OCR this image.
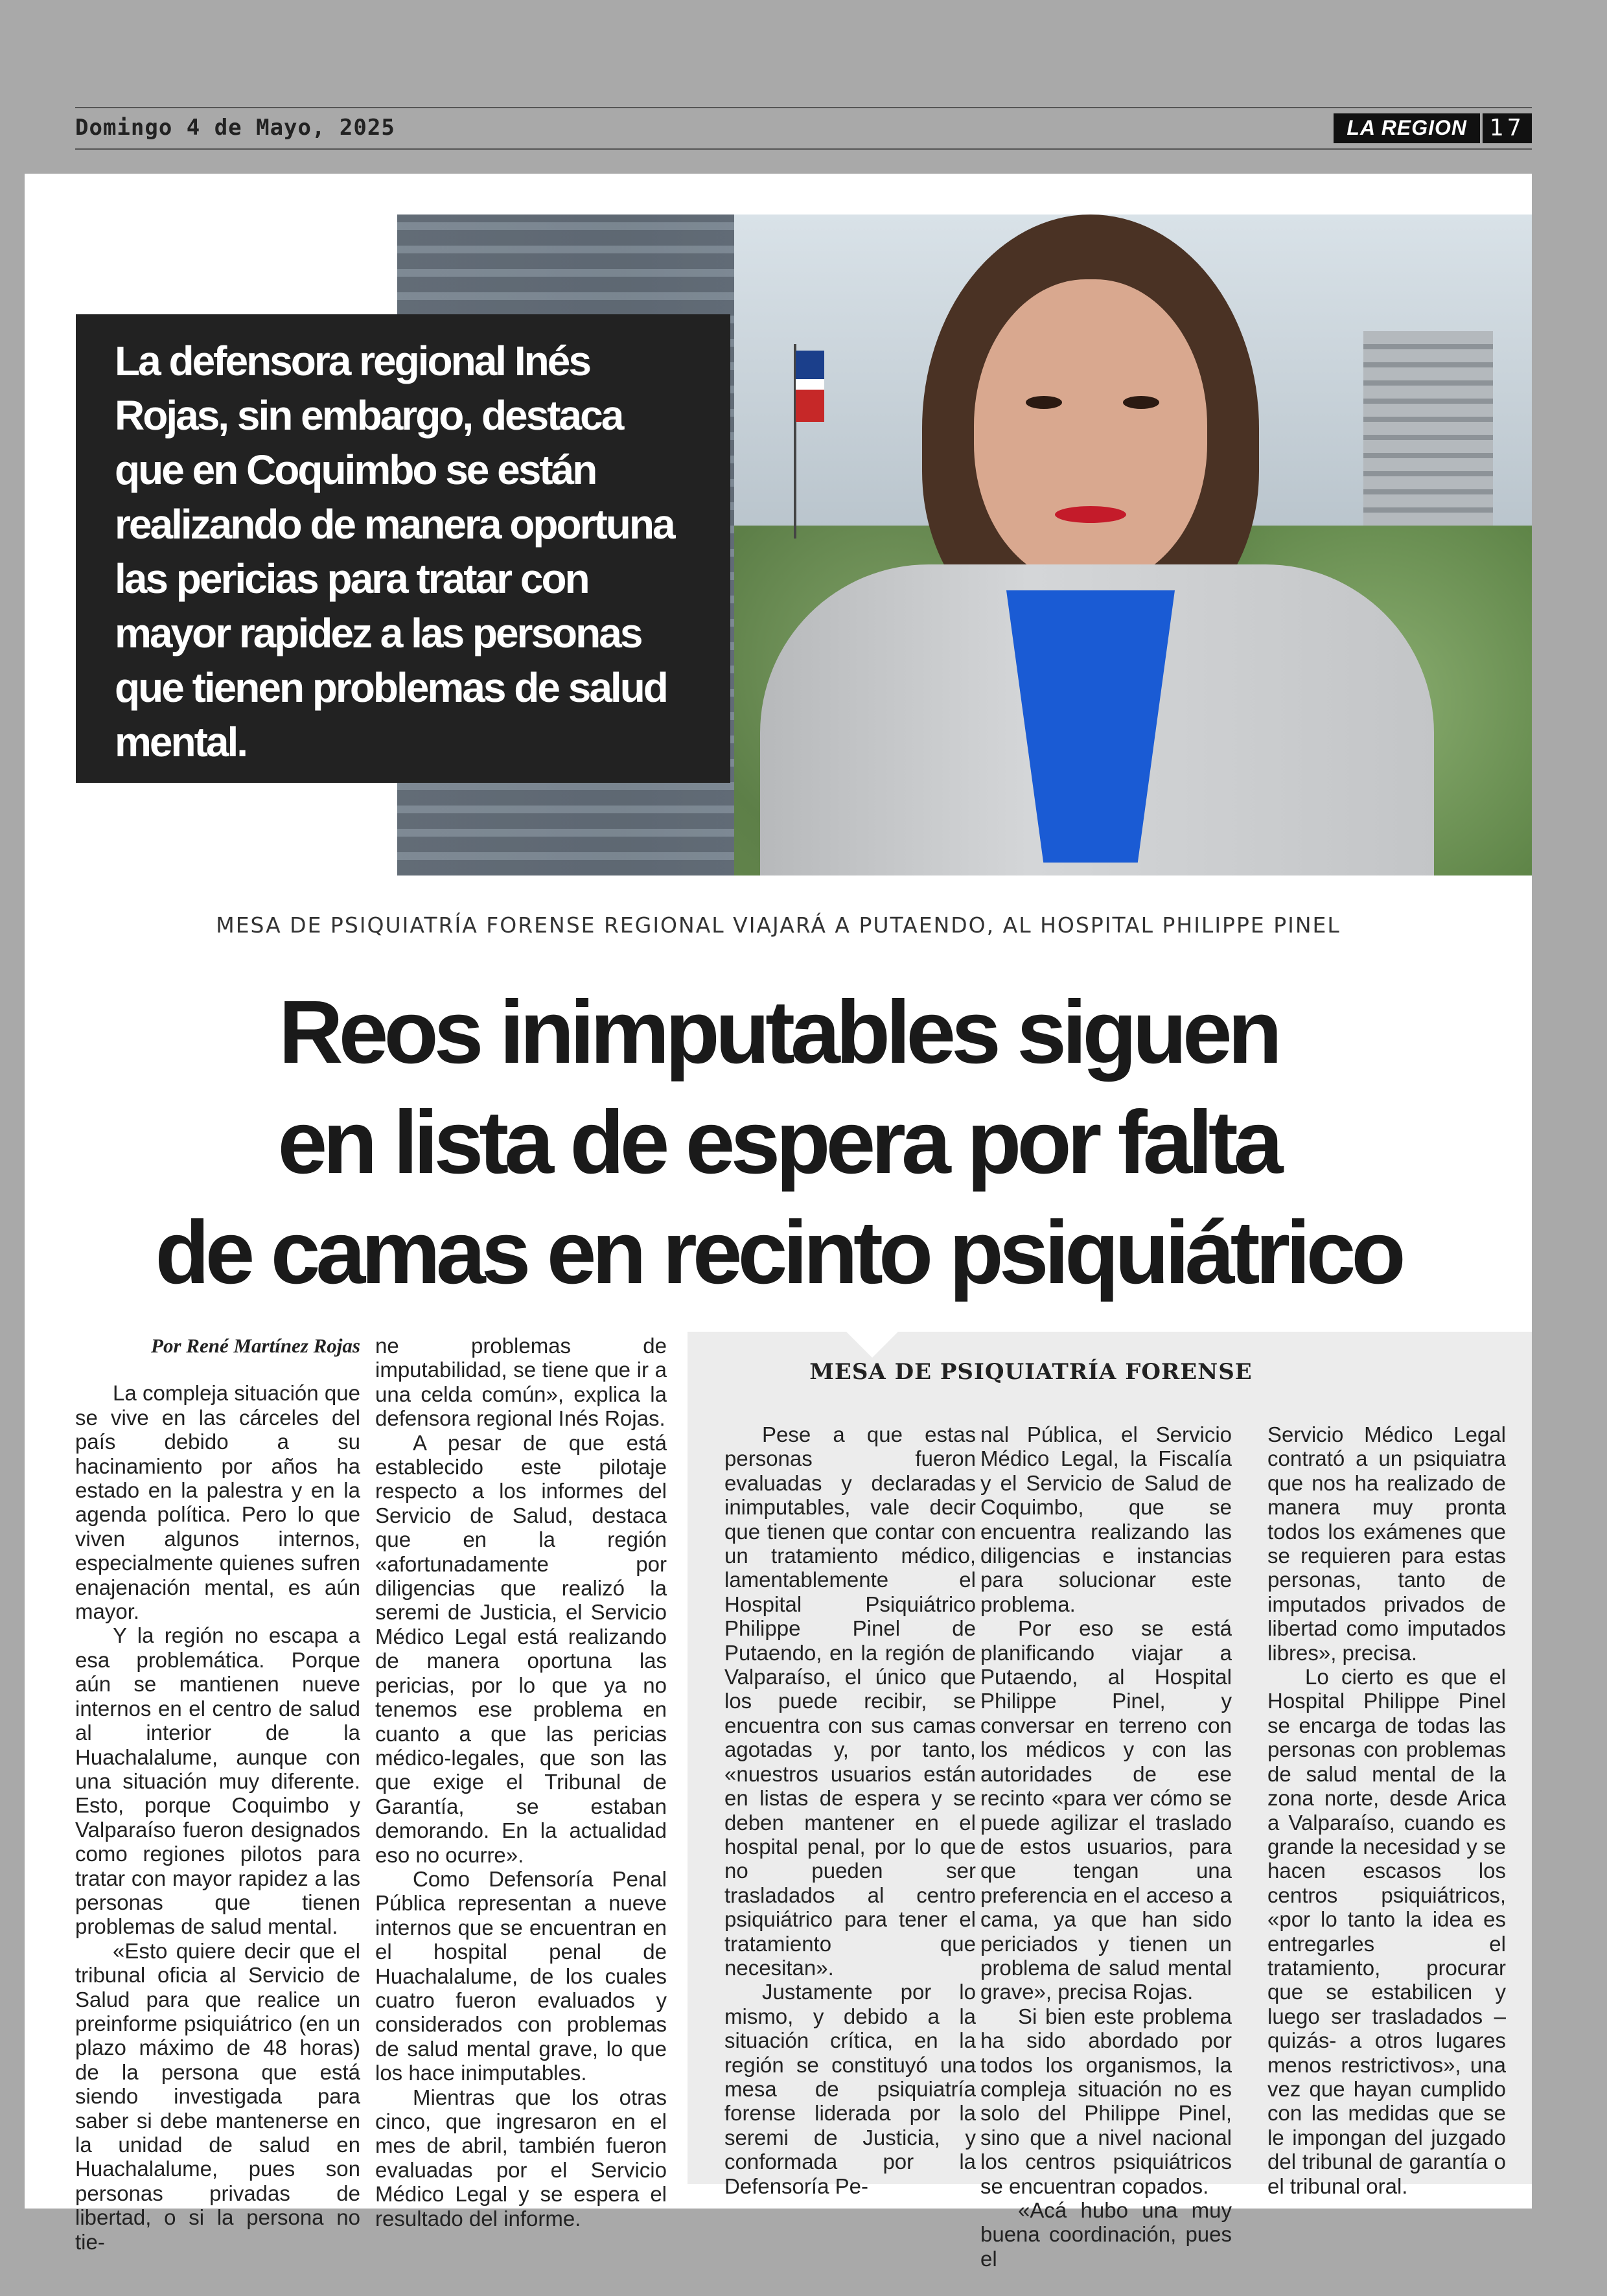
Domingo 4 de Mayo, 2025	LA REGION 17
La defensora regional Inés Rojas, sin embargo, destaca que en Coquimbo se están realizando de manera oportuna las pericias para tratar con mayor rapidez a las personas que tienen problemas de salud mental.
MESA DE PSIQUIATRÍA FORENSE REGIONAL VIAJARÁ A PUTAENDO, AL HOSPITAL PHILIPPE PINEL
Reos inimputables siguen
en lista de espera por falta
de camas en recinto psiquiátrico
Por René Martínez Rojas

La compleja situación que se vive en las cárceles del país debido a su hacinamiento por años ha estado en la palestra y en la agenda política. Pero lo que viven algunos internos, especialmente quienes sufren enajenación mental, es aún mayor.

Y la región no escapa a esa problemática. Porque aún se mantienen nueve internos en el centro de salud al interior de la Huachalalume, aunque con una situación muy diferente. Esto, porque Coquimbo y Valparaíso fueron designados como regiones pilotos para tratar con mayor rapidez a las personas que tienen problemas de salud mental.

«Esto quiere decir que el tribunal oficia al Servicio de Salud para que realice un preinforme psiquiátrico (en un plazo máximo de 48 horas) de la persona que está siendo investigada para saber si debe mantenerse en la unidad de salud en Huachalalume, pues son personas privadas de libertad, o si la persona no tie-

ne problemas de imputabilidad, se tiene que ir a una celda común», explica la defensora regional Inés Rojas.

A pesar de que está establecido este pilotaje respecto a los informes del Servicio de Salud, destaca que en la región «afortunadamente por diligencias que realizó la seremi de Justicia, el Servicio Médico Legal está realizando de manera oportuna las pericias, por lo que ya no tenemos ese problema en cuanto a que las pericias médico-legales, que son las que exige el Tribunal de Garantía, se estaban demorando. En la actualidad eso no ocurre».

Como Defensoría Penal Pública representan a nueve internos que se encuentran en el hospital penal de Huachalalume, de los cuales cuatro fueron evaluados y considerados con problemas de salud mental grave, lo que los hace inimputables.

Mientras que los otras cinco, que ingresaron en el mes de abril, también fueron evaluadas por el Servicio Médico Legal y se espera el resultado del informe.

MESA DE PSIQUIATRÍA FORENSE

Pese a que estas personas fueron evaluadas y declaradas inimputables, vale decir que tienen que contar con un tratamiento médico, lamentablemente el Hospital Psiquiátrico Philippe Pinel de Putaendo, en la región de Valparaíso, el único que los puede recibir, se encuentra con sus camas agotadas y, por tanto, «nuestros usuarios están en listas de espera y se deben mantener en el hospital penal, por lo que no pueden ser trasladados al centro psiquiátrico para tener el tratamiento que necesitan».

Justamente por lo mismo, y debido a la situación crítica, en la región se constituyó una mesa de psiquiatría forense liderada por la seremi de Justicia, y conformada por la Defensoría Pe-

nal Pública, el Servicio Médico Legal, la Fiscalía y el Servicio de Salud de Coquimbo, que se encuentra realizando las diligencias e instancias para solucionar este problema.

Por eso se está planificando viajar a Putaendo, al Hospital Philippe Pinel, y conversar en terreno con los médicos y con las autoridades de ese recinto «para ver cómo se puede agilizar el traslado de estos usuarios, para que tengan una preferencia en el acceso a cama, ya que han sido periciados y tienen un problema de salud mental grave», precisa Rojas.

Si bien este problema ha sido abordado por todos los organismos, la compleja situación no es solo del Philippe Pinel, sino que a nivel nacional los centros psiquiátricos se encuentran copados.

«Acá hubo una muy buena coordinación, pues el

Servicio Médico Legal contrató a un psiquiatra que nos ha realizado de manera muy pronta todos los exámenes que se requieren para estas personas, tanto de imputados privados de libertad como imputados libres», precisa.

Lo cierto es que el Hospital Philippe Pinel se encarga de todas las personas con problemas de salud mental de la zona norte, desde Arica a Valparaíso, cuando es grande la necesidad y se hacen escasos los centros psiquiátricos, «por lo tanto la idea es entregarles el tratamiento, procurar que se estabilicen y luego ser trasladados –quizás- a otros lugares menos restrictivos», una vez que hayan cumplido con las medidas que se le impongan del juzgado del tribunal de garantía o el tribunal oral.
